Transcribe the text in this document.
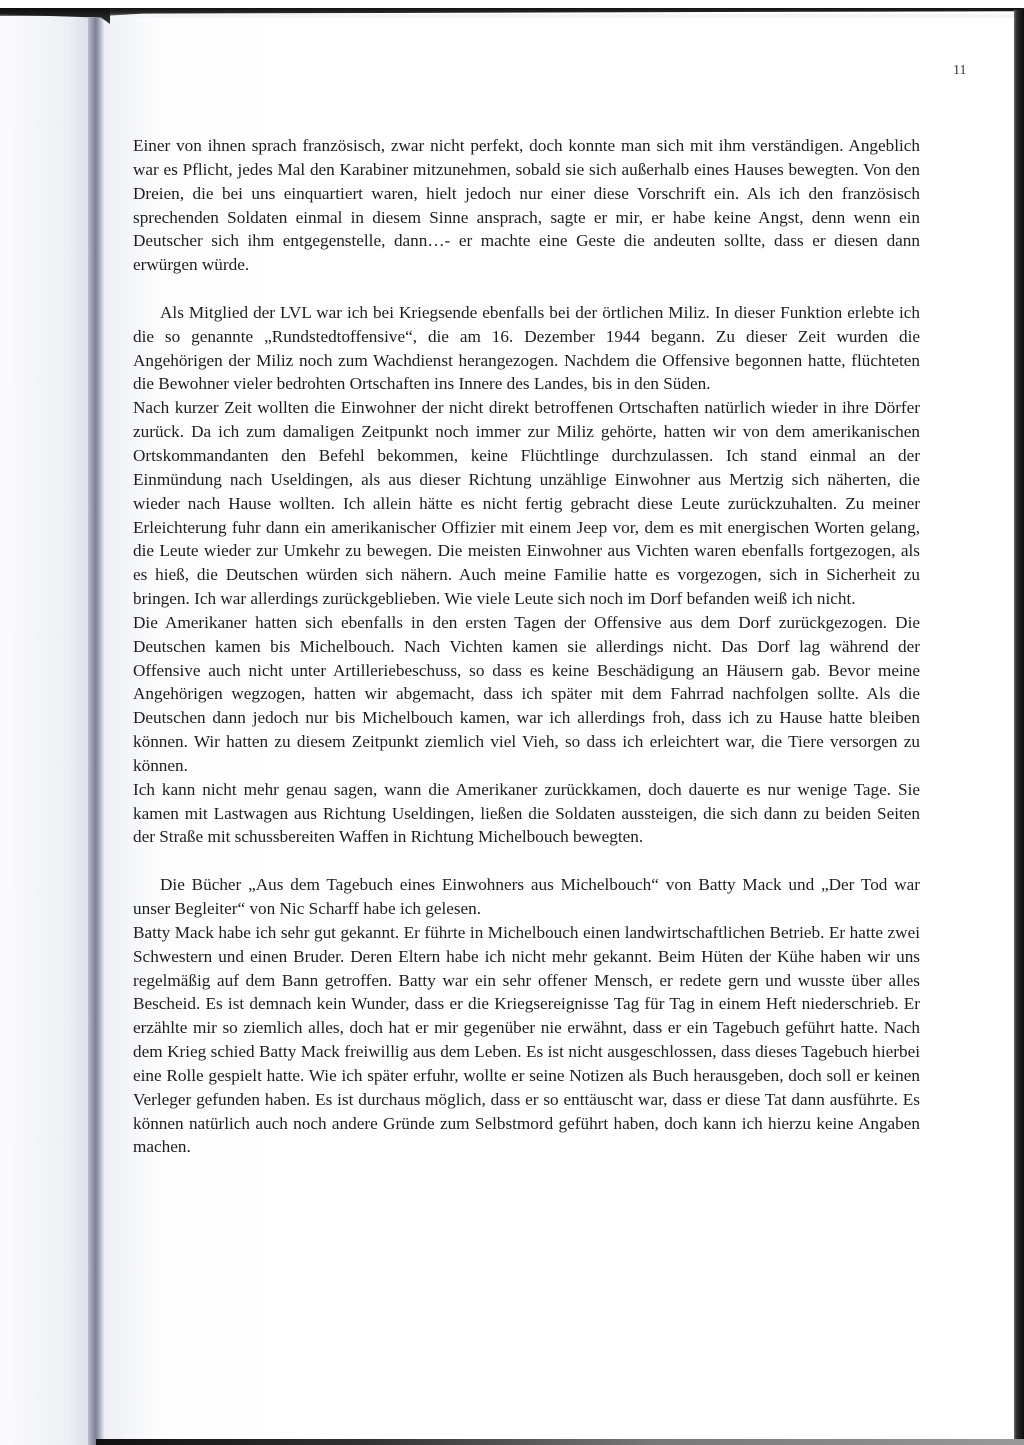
11

Einer von ihnen sprach französisch, zwar nicht perfekt, doch konnte man sich mit ihm verständigen. Angeblich war es Pflicht, jedes Mal den Karabiner mitzunehmen, sobald sie sich außerhalb eines Hauses bewegten. Von den Dreien, die bei uns einquartiert waren, hielt jedoch nur einer diese Vorschrift ein. Als ich den französisch sprechenden Soldaten einmal in diesem Sinne ansprach, sagte er mir, er habe keine Angst, denn wenn ein Deutscher sich ihm entgegenstelle, dann…- er machte eine Geste die andeuten sollte, dass er diesen dann erwürgen würde.

Als Mitglied der LVL war ich bei Kriegsende ebenfalls bei der örtlichen Miliz. In dieser Funktion erlebte ich die so genannte „Rundstedtoffensive“, die am 16. Dezember 1944 begann. Zu dieser Zeit wurden die Angehörigen der Miliz noch zum Wachdienst herangezogen. Nachdem die Offensive begonnen hatte, flüchteten die Bewohner vieler bedrohten Ortschaften ins Innere des Landes, bis in den Süden.

Nach kurzer Zeit wollten die Einwohner der nicht direkt betroffenen Ortschaften natürlich wieder in ihre Dörfer zurück. Da ich zum damaligen Zeitpunkt noch immer zur Miliz gehörte, hatten wir von dem amerikanischen Ortskommandanten den Befehl bekommen, keine Flüchtlinge durchzulassen. Ich stand einmal an der Einmündung nach Useldingen, als aus dieser Richtung unzählige Einwohner aus Mertzig sich näherten, die wieder nach Hause wollten. Ich allein hätte es nicht fertig gebracht diese Leute zurückzuhalten. Zu meiner Erleichterung fuhr dann ein amerikanischer Offizier mit einem Jeep vor, dem es mit energischen Worten gelang, die Leute wieder zur Umkehr zu bewegen. Die meisten Einwohner aus Vichten waren ebenfalls fortgezogen, als es hieß, die Deutschen würden sich nähern. Auch meine Familie hatte es vorgezogen, sich in Sicherheit zu bringen. Ich war allerdings zurückgeblieben. Wie viele Leute sich noch im Dorf befanden weiß ich nicht.

Die Amerikaner hatten sich ebenfalls in den ersten Tagen der Offensive aus dem Dorf zurückgezogen. Die Deutschen kamen bis Michelbouch. Nach Vichten kamen sie allerdings nicht. Das Dorf lag während der Offensive auch nicht unter Artilleriebeschuss, so dass es keine Beschädigung an Häusern gab. Bevor meine Angehörigen wegzogen, hatten wir abgemacht, dass ich später mit dem Fahrrad nachfolgen sollte. Als die Deutschen dann jedoch nur bis Michelbouch kamen, war ich allerdings froh, dass ich zu Hause hatte bleiben können. Wir hatten zu diesem Zeitpunkt ziemlich viel Vieh, so dass ich erleichtert war, die Tiere versorgen zu können.

Ich kann nicht mehr genau sagen, wann die Amerikaner zurückkamen, doch dauerte es nur wenige Tage. Sie kamen mit Lastwagen aus Richtung Useldingen, ließen die Soldaten aussteigen, die sich dann zu beiden Seiten der Straße mit schussbereiten Waffen in Richtung Michelbouch bewegten.

Die Bücher „Aus dem Tagebuch eines Einwohners aus Michelbouch“ von Batty Mack und „Der Tod war unser Begleiter“ von Nic Scharff habe ich gelesen.

Batty Mack habe ich sehr gut gekannt. Er führte in Michelbouch einen landwirtschaftlichen Betrieb. Er hatte zwei Schwestern und einen Bruder. Deren Eltern habe ich nicht mehr gekannt. Beim Hüten der Kühe haben wir uns regelmäßig auf dem Bann getroffen. Batty war ein sehr offener Mensch, er redete gern und wusste über alles Bescheid. Es ist demnach kein Wunder, dass er die Kriegsereignisse Tag für Tag in einem Heft niederschrieb. Er erzählte mir so ziemlich alles, doch hat er mir gegenüber nie erwähnt, dass er ein Tagebuch geführt hatte. Nach dem Krieg schied Batty Mack freiwillig aus dem Leben. Es ist nicht ausgeschlossen, dass dieses Tagebuch hierbei eine Rolle gespielt hatte. Wie ich später erfuhr, wollte er seine Notizen als Buch herausgeben, doch soll er keinen Verleger gefunden haben. Es ist durchaus möglich, dass er so enttäuscht war, dass er diese Tat dann ausführte. Es können natürlich auch noch andere Gründe zum Selbstmord geführt haben, doch kann ich hierzu keine Angaben machen.
